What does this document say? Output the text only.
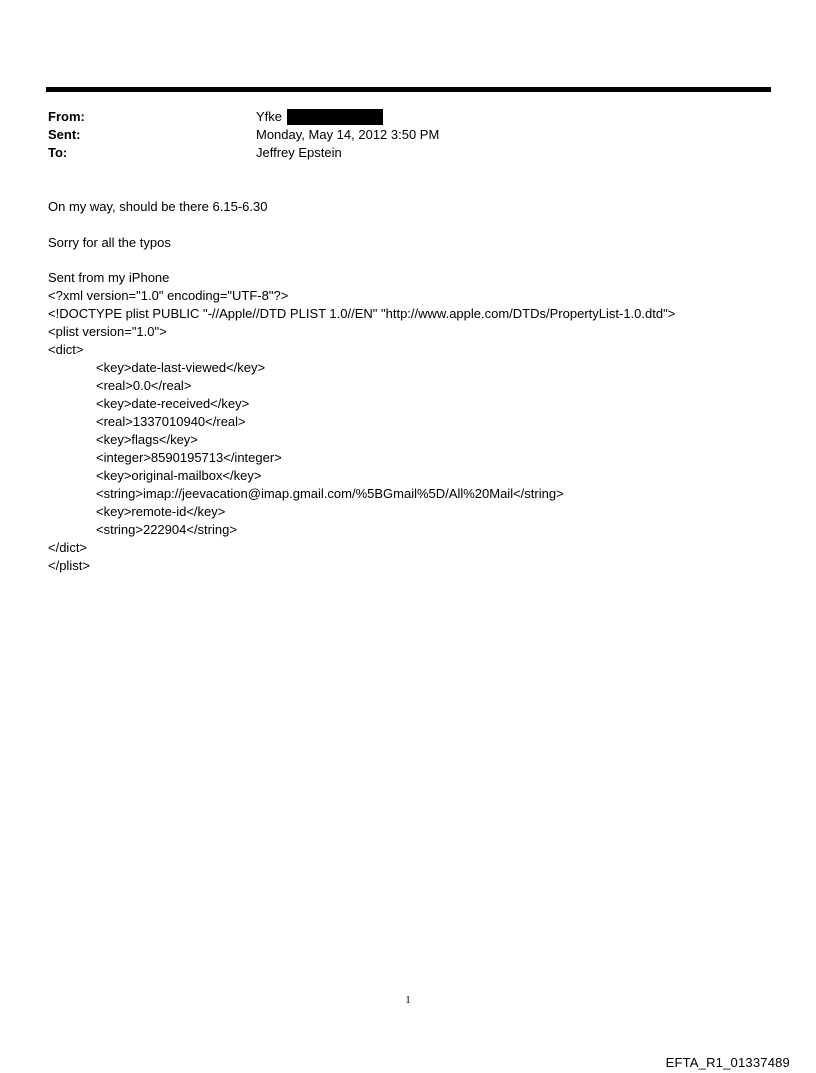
From:	Yfke
Sent:	Monday, May 14, 2012 3:50 PM
To:	Jeffrey Epstein
On my way, should be there 6.15-6.30
Sorry for all the typos
Sent from my iPhone
<?xml version="1.0" encoding="UTF-8"?>
<!DOCTYPE plist PUBLIC "-//Apple//DTD PLIST 1.0//EN" "http://www.apple.com/DTDs/PropertyList-1.0.dtd">
<plist version="1.0">
<dict>
<key>date-last-viewed</key>
<real>0.0</real>
<key>date-received</key>
<real>1337010940</real>
<key>flags</key>
<integer>8590195713</integer>
<key>original-mailbox</key>
<string>imap://jeevacation@imap.gmail.com/%5BGmail%5D/All%20Mail</string>
<key>remote-id</key>
<string>222904</string>
</dict>
</plist>
1
EFTA_R1_01337489
